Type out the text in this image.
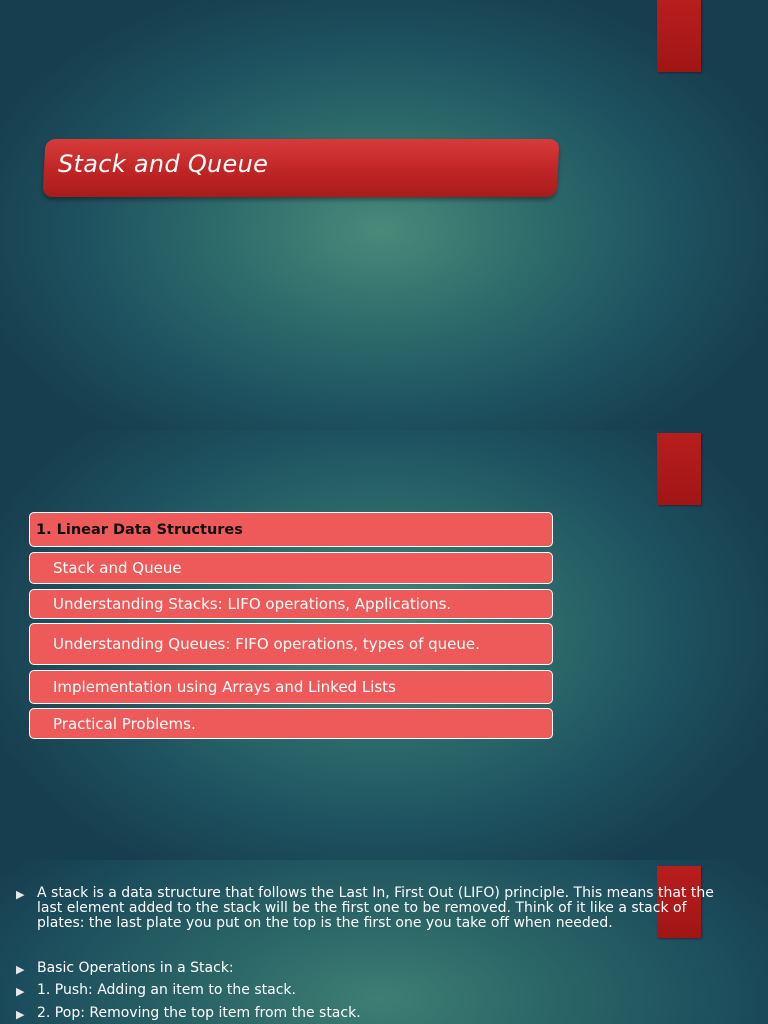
Stack and Queue
1. Linear Data Structures
Stack and Queue
Understanding Stacks: LIFO operations, Applications.
Understanding Queues: FIFO operations, types of queue.
Implementation using Arrays and Linked Lists
Practical Problems.
▶ A stack is a data structure that follows the Last In, First Out (LIFO) principle. This means that the last element added to the stack will be the first one to be removed. Think of it like a stack of plates: the last plate you put on the top is the first one you take off when needed.
▶ Basic Operations in a Stack:
▶ 1. Push: Adding an item to the stack.
▶ 2. Pop: Removing the top item from the stack.
